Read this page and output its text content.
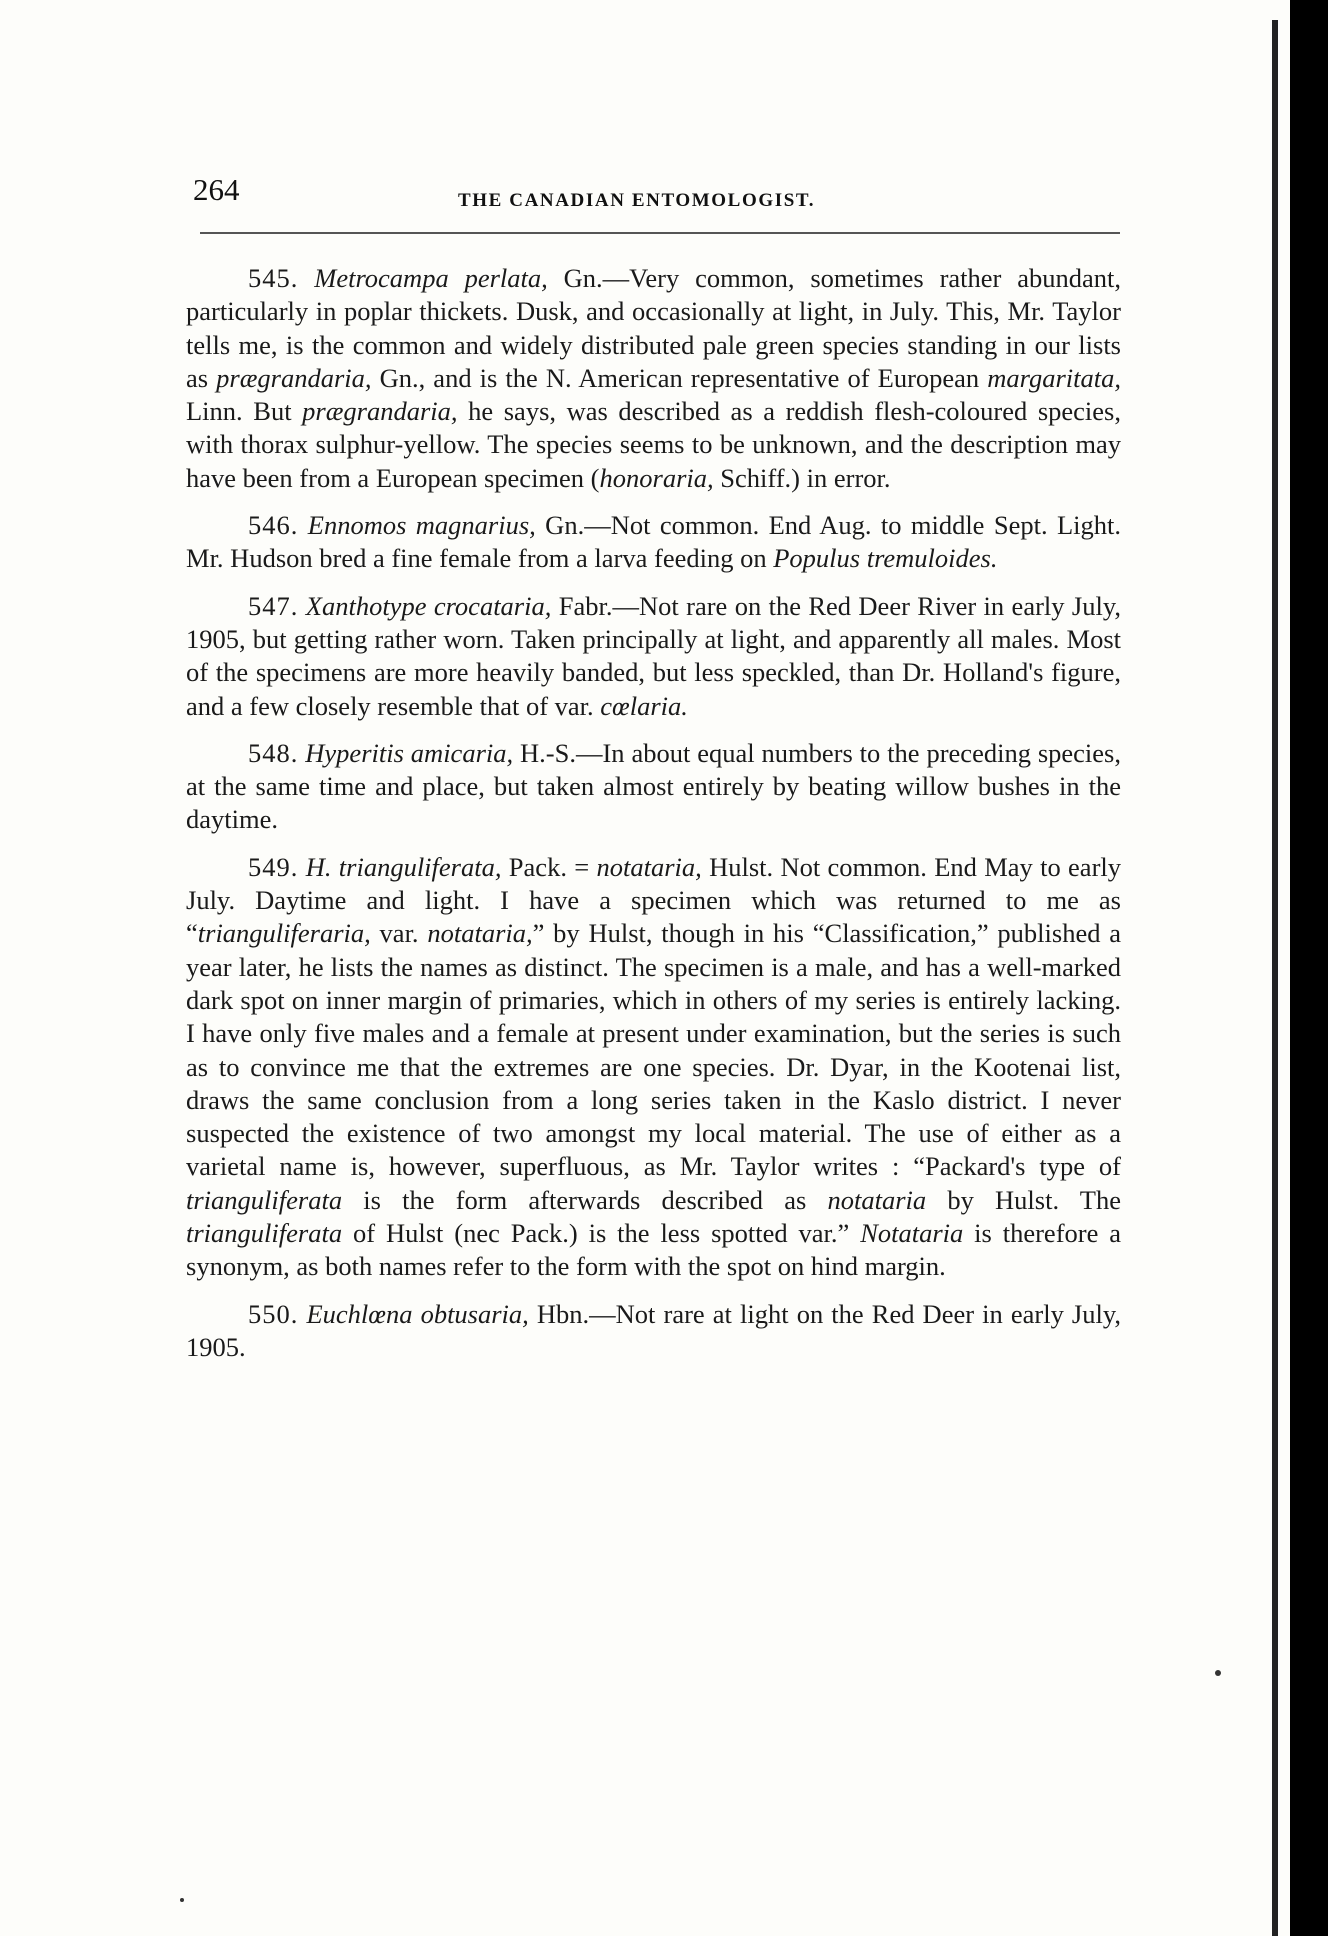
264	THE CANADIAN ENTOMOLOGIST.

545. Metrocampa perlata, Gn.—Very common, sometimes rather abundant, particularly in poplar thickets. Dusk, and occasionally at light, in July. This, Mr. Taylor tells me, is the common and widely distributed pale green species standing in our lists as prægrandaria, Gn., and is the N. American representative of European margaritata, Linn. But prægrandaria, he says, was described as a reddish flesh-coloured species, with thorax sulphur-yellow. The species seems to be unknown, and the description may have been from a European specimen (honoraria, Schiff.) in error.

546. Ennomos magnarius, Gn.—Not common. End Aug. to middle Sept. Light. Mr. Hudson bred a fine female from a larva feeding on Populus tremuloides.

547. Xanthotype crocataria, Fabr.—Not rare on the Red Deer River in early July, 1905, but getting rather worn. Taken principally at light, and apparently all males. Most of the specimens are more heavily banded, but less speckled, than Dr. Holland's figure, and a few closely resemble that of var. cœlaria.

548. Hyperitis amicaria, H.-S.—In about equal numbers to the preceding species, at the same time and place, but taken almost entirely by beating willow bushes in the daytime.

549. H. trianguliferata, Pack. = notataria, Hulst. Not common. End May to early July. Daytime and light. I have a specimen which was returned to me as “trianguliferaria, var. notataria,” by Hulst, though in his “Classification,” published a year later, he lists the names as distinct. The specimen is a male, and has a well-marked dark spot on inner margin of primaries, which in others of my series is entirely lacking. I have only five males and a female at present under examination, but the series is such as to convince me that the extremes are one species. Dr. Dyar, in the Kootenai list, draws the same conclusion from a long series taken in the Kaslo district. I never suspected the existence of two amongst my local material. The use of either as a varietal name is, however, superfluous, as Mr. Taylor writes : “Packard's type of trianguliferata is the form afterwards described as notataria by Hulst. The trianguliferata of Hulst (nec Pack.) is the less spotted var.” Notataria is therefore a synonym, as both names refer to the form with the spot on hind margin.

550. Euchlœna obtusaria, Hbn.—Not rare at light on the Red Deer in early July, 1905.
